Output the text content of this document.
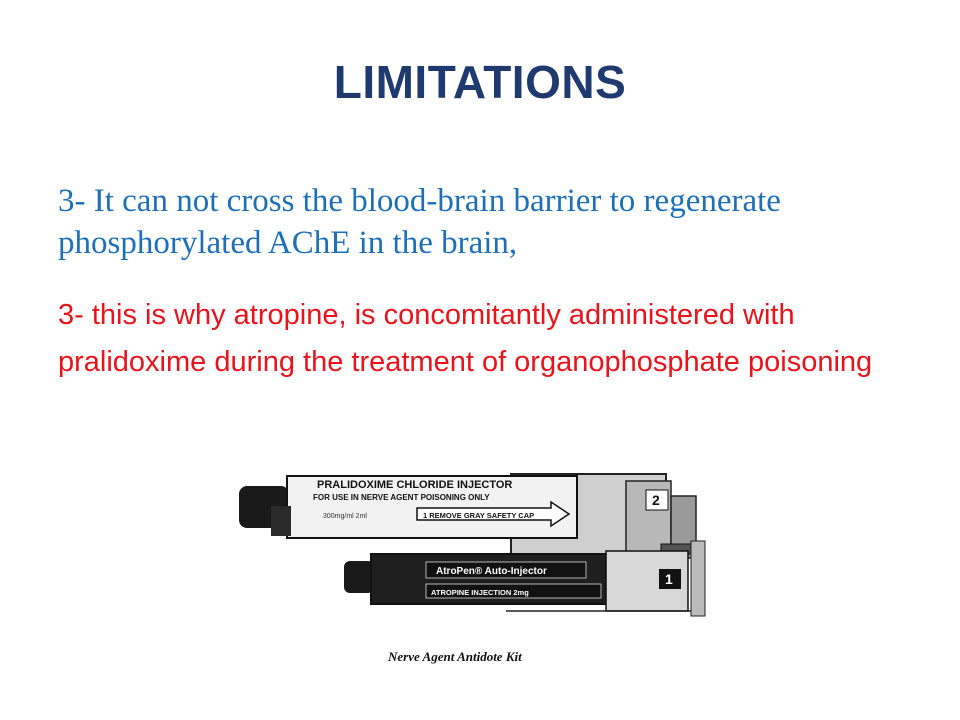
LIMITATIONS
3- It can not cross the blood-brain barrier to regenerate phosphorylated AChE in the brain,
3- this is why atropine, is concomitantly administered with pralidoxime during the treatment of organophosphate poisoning
PRALIDOXIME CHLORIDE INJECTOR
FOR USE IN NERVE AGENT POISONING ONLY
300mg/ml 2ml	1 REMOVE GRAY SAFETY CAP
2
AtroPen® Auto-Injector
ATROPINE INJECTION 2mg
1
Nerve Agent Antidote Kit
